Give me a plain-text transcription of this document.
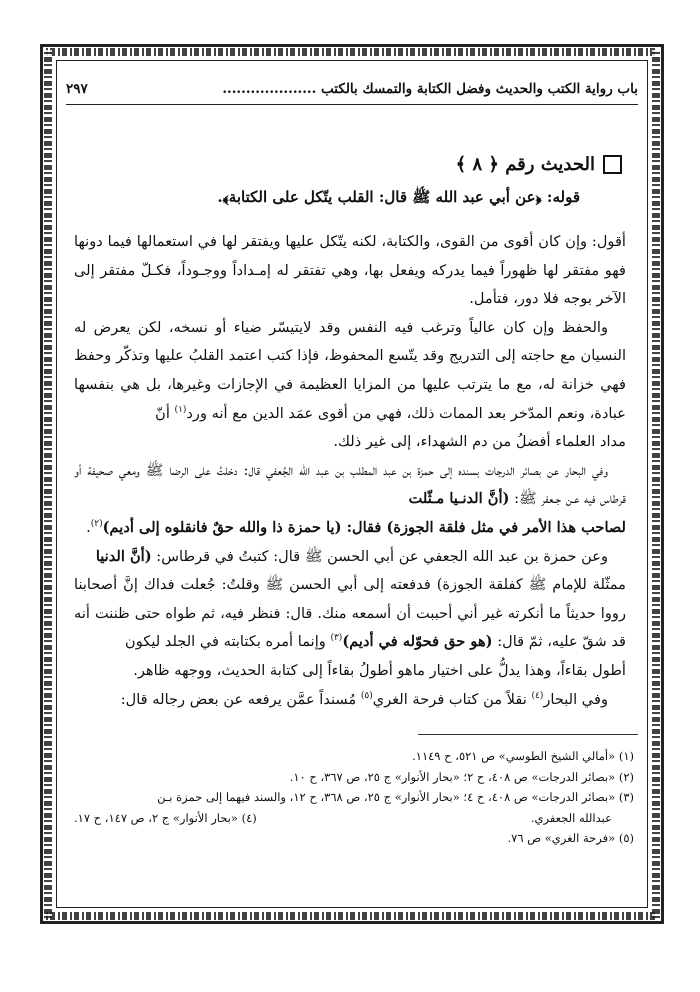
باب رواية الكتب والحديث وفضل الكتابة والتمسك بالكتب ....................
٢٩٧
الحديث رقم ﴿ ٨ ﴾
قوله: ﴿عن أبي عبد الله ﷺ قال: القلب يتّكل على الكتابة﴾.

أقول: وإن كان أقوى من القوى، والكتابة، لكنه يتّكل عليها ويفتقر لها في استعمالها فيما دونها فهو مفتقر لها ظهوراً فيما يدركه ويفعل بها، وهي تفتقر له إمـداداً ووجـوداً، فكـلّ مفتقر إلى الآخر بوجه فلا دور، فتأمل.

والحفظ وإن كان عالياً وترغب فيه النفس وقد لايتيسّر ضياء أو نسخه، لكن يعرض له النسيان مع حاجته إلى التدريج وقد يتّسع المحفوظ، فإذا كتب اعتمد القلبُ عليها وتذكّر وحفظ فهي خزانة له، مع ما يترتب عليها من المزايا العظيمة في الإجازات وغيرها، بل هي بنفسها عبادة، ونعم المدّخر بعد الممات ذلك، فهي من أقوى عمَد الدين مع أنه ورد$^{(١)}$ أنّ

مداد العلماء أفضلُ من دم الشهداء، إلى غير ذلك.

وفي البحار عن بصائر الدرجات بسنده إلى حمزة بن عبد المطلب بن عبد الله الجُعفي قال: دخلتُ على الرضا ﷺ ومعي صحيفة أو قرطاس فيه عـن جـعفر ﷺ: (أنَّ الدنـيا مـثّلت

لصاحب هذا الأمر في مثل فلقة الجوزة) فقال: (يا حمزة ذا والله حقٌ فانقلوه إلى أديم)$^{(٢)}$.

وعن حمزة بن عبد الله الجعفي عن أبي الحسن ﷺ قال: كتبتُ في قرطاس: (أنَّ الدنيا

ممثّلة للإمام ﷺ كفلقة الجوزة) فدفعته إلى أبي الحسن ﷺ وقلتُ: جُعلت فداك إنَّ أصحابنا رووا حديثاً ما أنكرته غير أني أحببت أن أسمعه منك. قال: فنظر فيه، ثم طواه حتى ظننت أنه قد شقّ عليه، ثمّ قال: (هو حق فحوّله في أديم)$^{(٣)}$ وإنما أمره بكتابته في الجلد ليكون

أطول بقاءاً، وهذا يدلُّ على اختيار ماهو أطولُ بقاءاً إلى كتابة الحديث، ووجهه ظاهر.

وفي البحار$^{(٤)}$ نقلاً من كتاب فرحة الغري$^{(٥)}$ مُسنداً عمَّن يرفعه عن بعض رجاله قال:

(١) «أمالي الشيخ الطوسي» ص ٥٢١، ح ١١٤٩.
(٢) «بصائر الدرجات» ص ٤٠٨، ح ٢؛ «بحار الأنوار» ج ٢٥، ص ٣٦٧، ح ١٠.
(٣) «بصائر الدرجات» ص ٤٠٨، ح ٤؛ «بحار الأنوار» ج ٢٥، ص ٣٦٨، ح ١٢، والسند فيهما إلى حمزة بـن
عبدالله الجعفري.
(٤) «بحار الأنوار» ج ٢، ص ١٤٧، ح ١٧.
(٥) «فرحة الغري» ص ٧٦.
